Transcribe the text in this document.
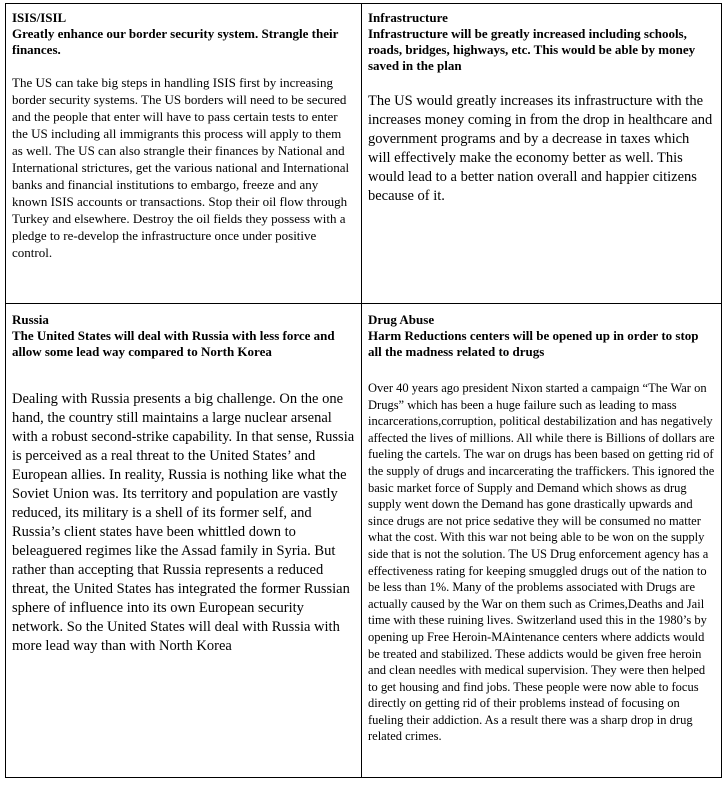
ISIS/ISIL
Greatly enhance our border security system. Strangle their finances.
The US can take big steps in handling ISIS first by increasing border security systems. The US borders will need to be secured and the people that enter will have to pass certain tests to enter the US including all immigrants this process will apply to them as well. The US can also strangle their finances by National and International strictures, get the various national and International banks and financial institutions to embargo, freeze and any known ISIS accounts or transactions. Stop their oil flow through Turkey and elsewhere. Destroy the oil fields they possess with a pledge to re-develop the infrastructure once under positive control.
Infrastructure
Infrastructure will be greatly increased including schools, roads, bridges, highways, etc. This would be able by money saved in the plan
The US would greatly increases its infrastructure with the increases money coming in from the drop in healthcare and government programs and by a decrease in taxes which will effectively make the economy better as well. This would lead to a better nation overall and happier citizens because of it.
Russia
The United States will deal with Russia with less force and allow some lead way compared to North Korea
Dealing with Russia presents a big challenge. On the one hand, the country still maintains a large nuclear arsenal with a robust second-strike capability. In that sense, Russia is perceived as a real threat to the United States’ and European allies. In reality, Russia is nothing like what the Soviet Union was. Its territory and population are vastly reduced, its military is a shell of its former self, and Russia’s client states have been whittled down to beleaguered regimes like the Assad family in Syria. But rather than accepting that Russia represents a reduced threat, the United States has integrated the former Russian sphere of influence into its own European security network. So the United States will deal with Russia with more lead way than with North Korea
Drug Abuse
Harm Reductions centers will be opened up in order to stop all the madness related to drugs
Over 40 years ago president Nixon started a campaign “The War on Drugs” which has been a huge failure such as leading to mass incarcerations,corruption, political destabilization and has negatively affected the lives of millions. All while there is Billions of dollars are fueling the cartels. The war on drugs has been based on getting rid of the supply of drugs and incarcerating the traffickers. This ignored the basic market force of Supply and Demand which shows as drug supply went down the Demand has gone drastically upwards and since drugs are not price sedative they will be consumed no matter what the cost. With this war not being able to be won on the supply side that is not the solution. The US Drug enforcement agency has a effectiveness rating for keeping smuggled drugs out of the nation to be less than 1%. Many of the problems associated with Drugs are actually caused by the War on them such as Crimes,Deaths and Jail time with these ruining lives. Switzerland used this in the 1980’s by opening up Free Heroin-MAintenance centers where addicts would be treated and stabilized. These addicts would be given free heroin and clean needles with medical supervision. They were then helped to get housing and find jobs. These people were now able to focus directly on getting rid of their problems instead of focusing on fueling their addiction. As a result there was a sharp drop in drug related crimes.
